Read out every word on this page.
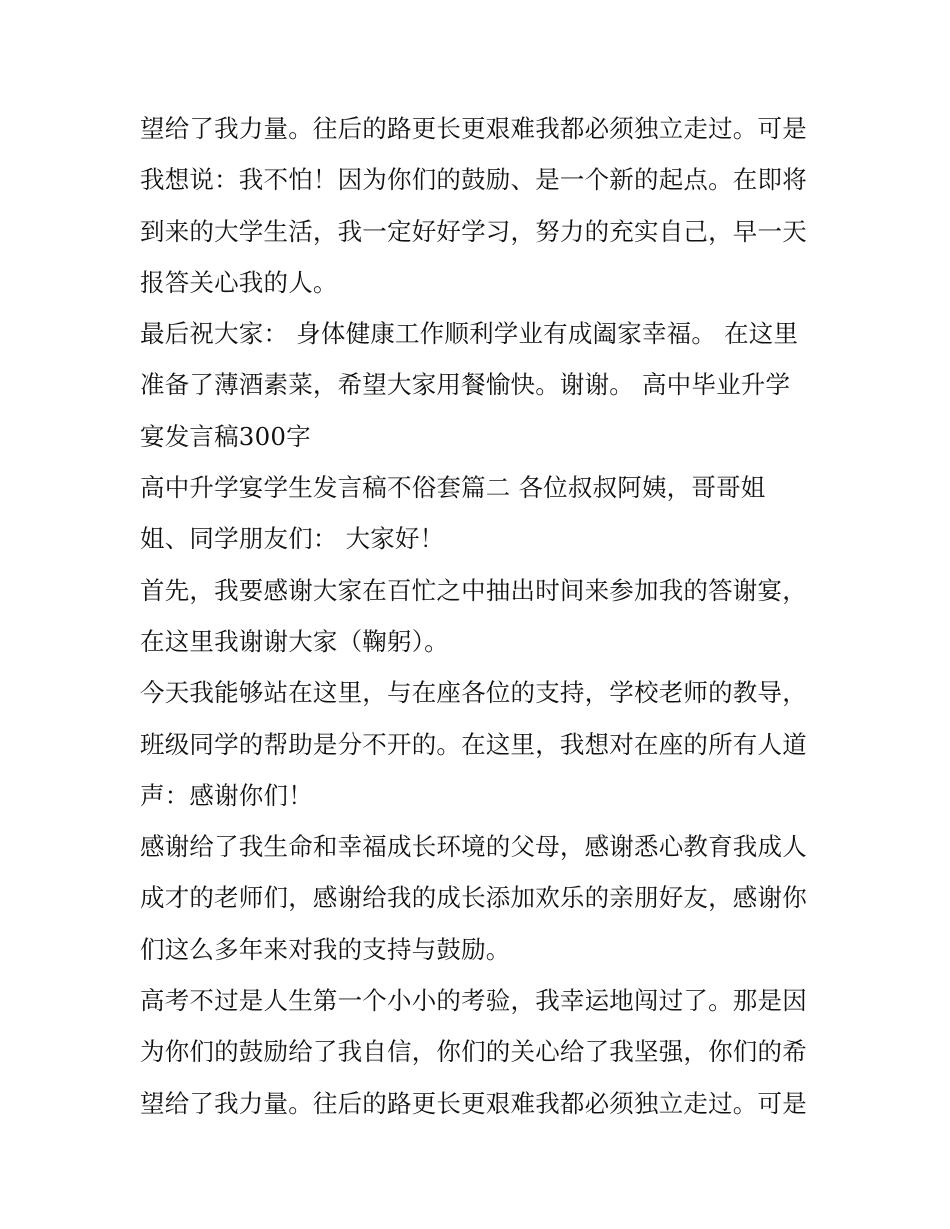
望给了我力量。往后的路更长更艰难我都必须独立走过。可是
我想说：我不怕！因为你们的鼓励、是一个新的起点。在即将
到来的大学生活，我一定好好学习，努力的充实自己，早一天
报答关心我的人。
最后祝大家： 身体健康工作顺利学业有成阖家幸福。 在这里
准备了薄酒素菜，希望大家用餐愉快。谢谢。 高中毕业升学
宴发言稿300字
高中升学宴学生发言稿不俗套篇二 各位叔叔阿姨，哥哥姐
姐、同学朋友们： 大家好！
首先，我要感谢大家在百忙之中抽出时间来参加我的答谢宴，
在这里我谢谢大家（鞠躬）。
今天我能够站在这里，与在座各位的支持，学校老师的教导，
班级同学的帮助是分不开的。在这里，我想对在座的所有人道
声：感谢你们！
感谢给了我生命和幸福成长环境的父母，感谢悉心教育我成人
成才的老师们，感谢给我的成长添加欢乐的亲朋好友，感谢你
们这么多年来对我的支持与鼓励。
高考不过是人生第一个小小的考验，我幸运地闯过了。那是因
为你们的鼓励给了我自信，你们的关心给了我坚强，你们的希
望给了我力量。往后的路更长更艰难我都必须独立走过。可是
